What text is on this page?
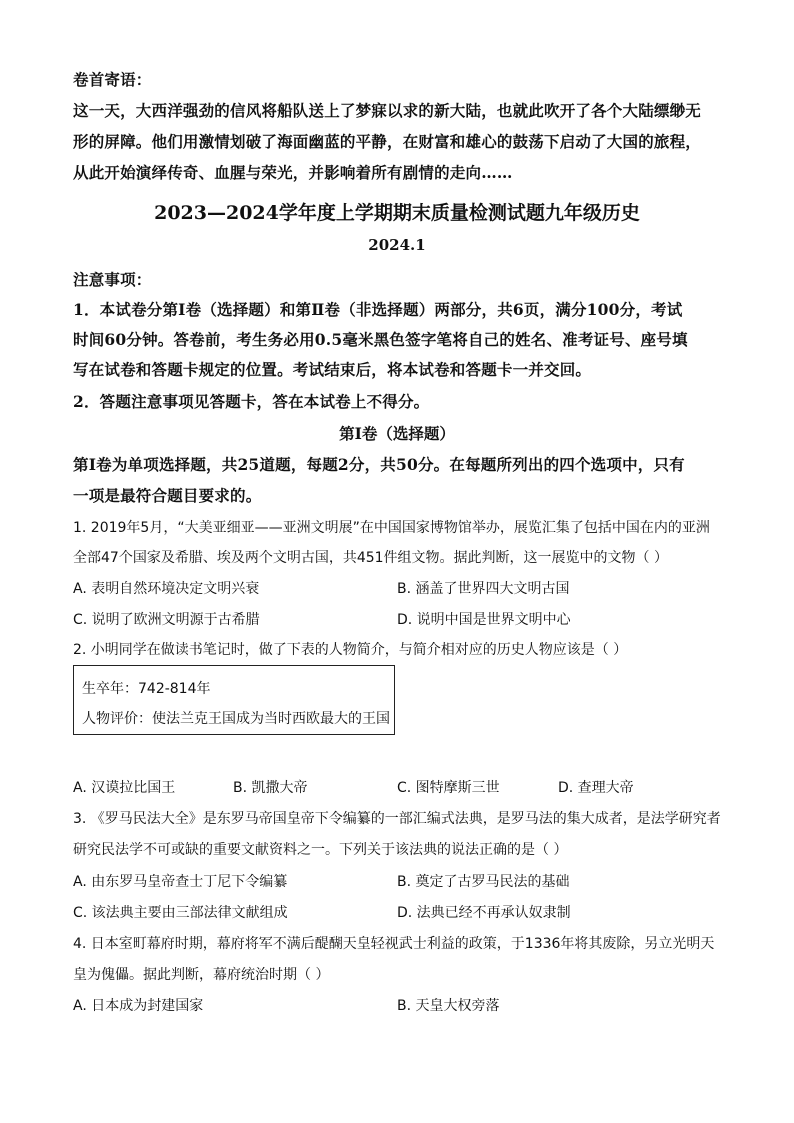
卷首寄语：
这一天，大西洋强劲的信风将船队送上了梦寐以求的新大陆，也就此吹开了各个大陆缥缈无
形的屏障。他们用激情划破了海面幽蓝的平静，在财富和雄心的鼓荡下启动了大国的旅程，
从此开始演绎传奇、血腥与荣光，并影响着所有剧情的走向……
2023—2024学年度上学期期末质量检测试题九年级历史
2024.1
注意事项：
1．本试卷分第Ⅰ卷（选择题）和第Ⅱ卷（非选择题）两部分，共6页，满分100分，考试
时间60分钟。答卷前，考生务必用0.5毫米黑色签字笔将自己的姓名、准考证号、座号填
写在试卷和答题卡规定的位置。考试结束后，将本试卷和答题卡一并交回。
2．答题注意事项见答题卡，答在本试卷上不得分。
第Ⅰ卷（选择题）
第Ⅰ卷为单项选择题，共25道题，每题2分，共50分。在每题所列出的四个选项中，只有
一项是最符合题目要求的。
1. 2019年5月，“大美亚细亚——亚洲文明展”在中国国家博物馆举办，展览汇集了包括中国在内的亚洲
全部47个国家及希腊、埃及两个文明古国，共451件组文物。据此判断，这一展览中的文物（ ）
A. 表明自然环境决定文明兴衰	B. 涵盖了世界四大文明古国
C. 说明了欧洲文明源于古希腊	D. 说明中国是世界文明中心
2. 小明同学在做读书笔记时，做了下表的人物简介，与简介相对应的历史人物应该是（ ）
生卒年：742-814年
人物评价：使法兰克王国成为当时西欧最大的王国
A. 汉谟拉比国王	B. 凯撒大帝	C. 图特摩斯三世	D. 查理大帝
3. 《罗马民法大全》是东罗马帝国皇帝下令编纂的一部汇编式法典，是罗马法的集大成者，是法学研究者
研究民法学不可或缺的重要文献资料之一。下列关于该法典的说法正确的是（ ）
A. 由东罗马皇帝查士丁尼下令编纂	B. 奠定了古罗马民法的基础
C. 该法典主要由三部法律文献组成	D. 法典已经不再承认奴隶制
4. 日本室町幕府时期，幕府将军不满后醍醐天皇轻视武士利益的政策，于1336年将其废除，另立光明天
皇为傀儡。据此判断，幕府统治时期（ ）
A. 日本成为封建国家	B. 天皇大权旁落
